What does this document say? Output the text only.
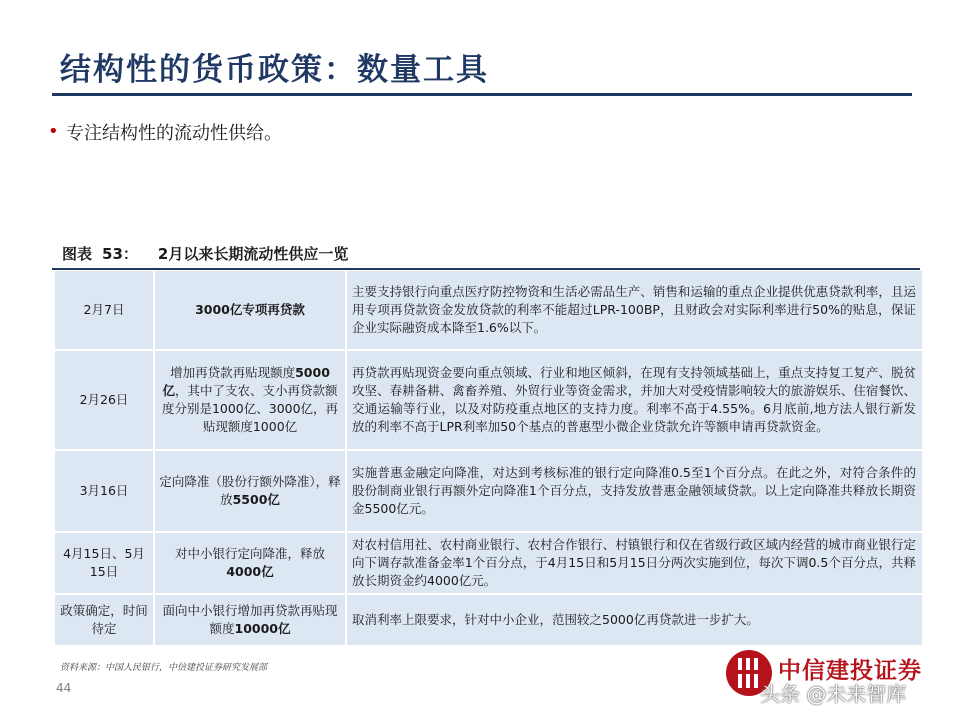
结构性的货币政策：数量工具
• 专注结构性的流动性供给。
图表 53： 2月以来长期流动性供应一览
2月7日	3000亿专项再贷款	主要支持银行向重点医疗防控物资和生活必需品生产、销售和运输的重点企业提供优惠贷款利率，且运用专项再贷款资金发放贷款的利率不能超过LPR-100BP，且财政会对实际利率进行50%的贴息，保证企业实际融资成本降至1.6%以下。
2月26日	增加再贷款再贴现额度5000亿，其中了支农、支小再贷款额度分别是1000亿、3000亿，再贴现额度1000亿	再贷款再贴现资金要向重点领域、行业和地区倾斜，在现有支持领域基础上，重点支持复工复产、脱贫攻坚、春耕备耕、禽畜养殖、外贸行业等资金需求，并加大对受疫情影响较大的旅游娱乐、住宿餐饮、交通运输等行业，以及对防疫重点地区的支持力度。利率不高于4.55%。6月底前,地方法人银行新发放的利率不高于LPR利率加50个基点的普惠型小微企业贷款允许等额申请再贷款资金。
3月16日	定向降准（股份行额外降准），释放5500亿	实施普惠金融定向降准，对达到考核标准的银行定向降准0.5至1个百分点。在此之外，对符合条件的股份制商业银行再额外定向降准1个百分点，支持发放普惠金融领域贷款。以上定向降准共释放长期资金5500亿元。
4月15日、5月15日	对中小银行定向降准，释放4000亿	对农村信用社、农村商业银行、农村合作银行、村镇银行和仅在省级行政区域内经营的城市商业银行定向下调存款准备金率1个百分点，于4月15日和5月15日分两次实施到位，每次下调0.5个百分点，共释放长期资金约4000亿元。
政策确定，时间待定	面向中小银行增加再贷款再贴现额度10000亿	取消利率上限要求，针对中小企业，范围较之5000亿再贷款进一步扩大。
资料来源：中国人民银行，中信建投证券研究发展部
44
中信建投证券
头条 @未来智库
